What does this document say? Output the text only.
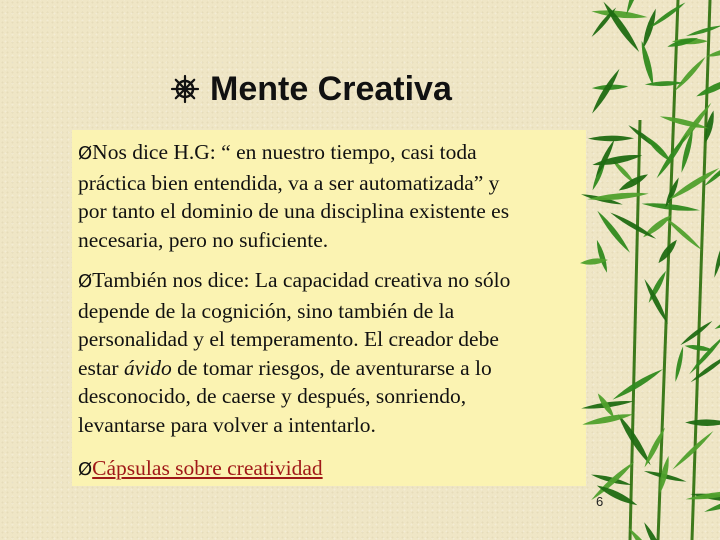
Mente Creativa
ØNos dice H.G: “ en nuestro tiempo, casi toda
práctica bien entendida, va a ser automatizada” y
por tanto el dominio de una disciplina existente es
necesaria, pero no suficiente.
ØTambién nos dice: La capacidad creativa no sólo
depende de la cognición, sino también de la
personalidad y el temperamento. El creador debe
estar ávido de tomar riesgos, de aventurarse a lo
desconocido, de caerse y después, sonriendo,
levantarse para volver a intentarlo.
ØCápsulas sobre creatividad
6
